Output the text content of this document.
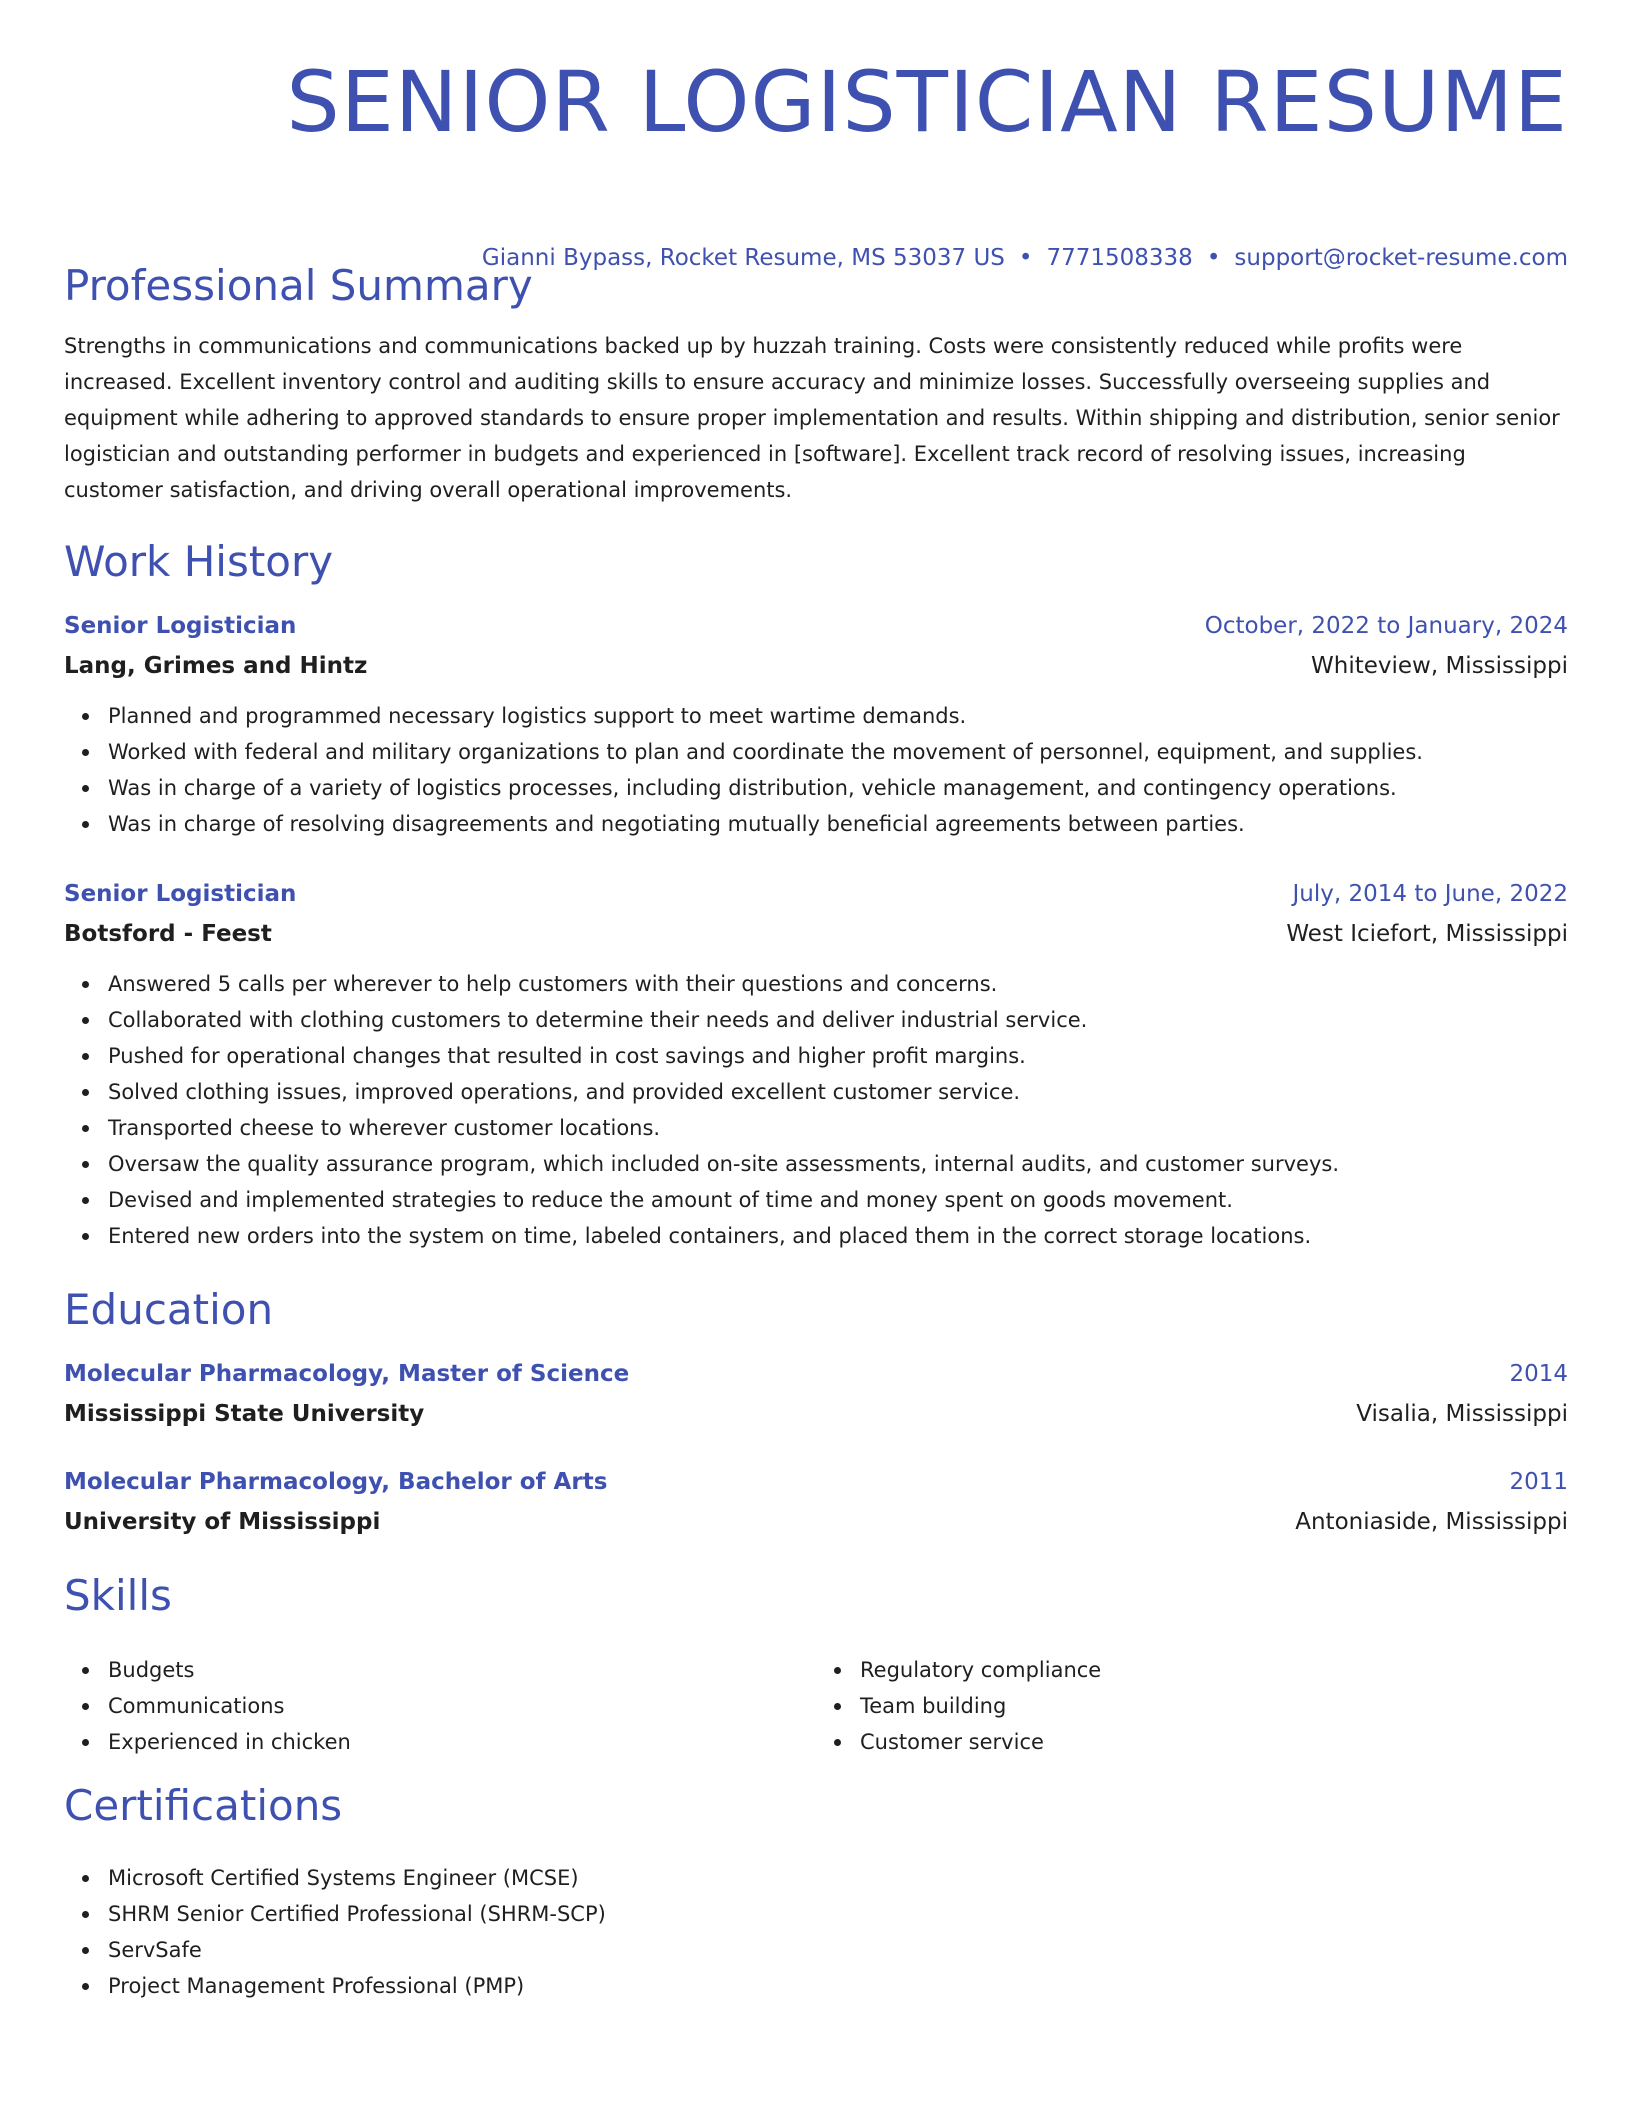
SENIOR LOGISTICIAN RESUME
Gianni Bypass, Rocket Resume, MS 53037 US • 7771508338 • support@rocket-resume.com
Professional Summary
Strengths in communications and communications backed up by huzzah training. Costs were consistently reduced while profits were increased. Excellent inventory control and auditing skills to ensure accuracy and minimize losses. Successfully overseeing supplies and equipment while adhering to approved standards to ensure proper implementation and results. Within shipping and distribution, senior senior logistician and outstanding performer in budgets and experienced in [software]. Excellent track record of resolving issues, increasing customer satisfaction, and driving overall operational improvements.
Work History
Senior Logistician	October, 2022 to January, 2024
Lang, Grimes and Hintz	Whiteview, Mississippi
Planned and programmed necessary logistics support to meet wartime demands.
Worked with federal and military organizations to plan and coordinate the movement of personnel, equipment, and supplies.
Was in charge of a variety of logistics processes, including distribution, vehicle management, and contingency operations.
Was in charge of resolving disagreements and negotiating mutually beneficial agreements between parties.
Senior Logistician	July, 2014 to June, 2022
Botsford - Feest	West Iciefort, Mississippi
Answered 5 calls per wherever to help customers with their questions and concerns.
Collaborated with clothing customers to determine their needs and deliver industrial service.
Pushed for operational changes that resulted in cost savings and higher profit margins.
Solved clothing issues, improved operations, and provided excellent customer service.
Transported cheese to wherever customer locations.
Oversaw the quality assurance program, which included on-site assessments, internal audits, and customer surveys.
Devised and implemented strategies to reduce the amount of time and money spent on goods movement.
Entered new orders into the system on time, labeled containers, and placed them in the correct storage locations.
Education
Molecular Pharmacology, Master of Science	2014
Mississippi State University	Visalia, Mississippi
Molecular Pharmacology, Bachelor of Arts	2011
University of Mississippi	Antoniaside, Mississippi
Skills
Budgets
Communications
Experienced in chicken
Regulatory compliance
Team building
Customer service
Certifications
Microsoft Certified Systems Engineer (MCSE)
SHRM Senior Certified Professional (SHRM-SCP)
ServSafe
Project Management Professional (PMP)
